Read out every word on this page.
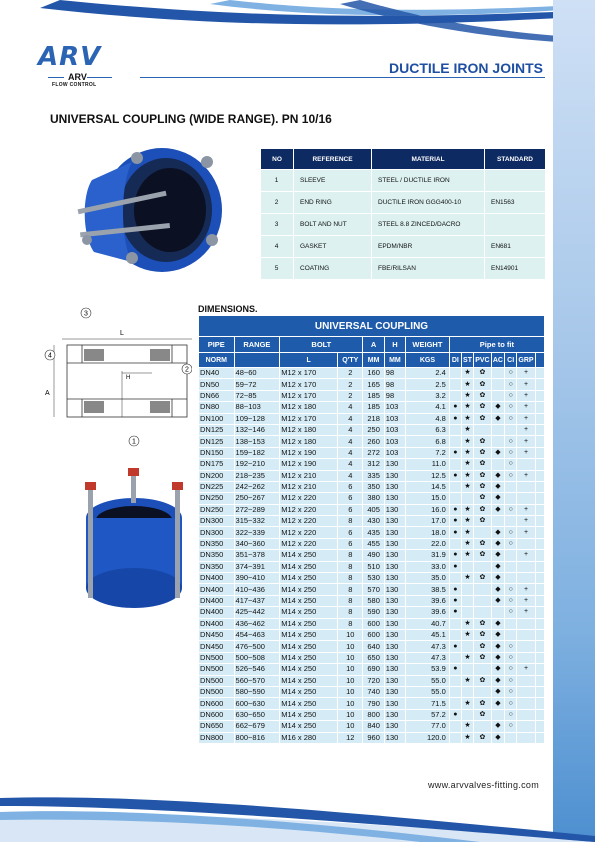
ARV
ARV
FLOW CONTROL
DUCTILE IRON JOINTS
UNIVERSAL COUPLING (WIDE RANGE). PN 10/16
NO	REFERENCE	MATERIAL	STANDARD
1	SLEEVE	STEEL / DUCTILE IRON	
2	END RING	DUCTILE IRON GGG400-10	EN1563
3	BOLT AND NUT	STEEL 8.8 ZINCED/DACRO	
4	GASKET	EPDM/NBR	EN681
5	COATING	FBE/RILSAN	EN14901
3
4
2
1
L
H
A
DIMENSIONS.
UNIVERSAL COUPLING													
PIPE	RANGE	BOLT		A	H	WEIGHT	Pipe to fit						
NORM		L	Q'TY	MM	MM	KGS	DI	ST	PVC	AC	CI	GRP	
DN40	48~60	M12 x 170	2	160	98	2.4		★	✿		○	+	
DN50	59~72	M12 x 170	2	165	98	2.5		★	✿		○	+	
DN66	72~85	M12 x 170	2	185	98	3.2		★	✿		○	+	
DN80	88~103	M12 x 180	4	185	103	4.1	●	★	✿	◆	○	+	
DN100	109~128	M12 x 170	4	218	103	4.8	●	★	✿	◆	○	+	
DN125	132~146	M12 x 180	4	250	103	6.3		★				+	
DN125	138~153	M12 x 180	4	260	103	6.8		★	✿		○	+	
DN150	159~182	M12 x 190	4	272	103	7.2	●	★	✿	◆	○	+	
DN175	192~210	M12 x 190	4	312	130	11.0		★	✿		○		
DN200	218~235	M12 x 210	4	335	130	12.5	●	★	✿	◆	○	+	
DN225	242~262	M12 x 210	6	350	130	14.5		★	✿	◆			
DN250	250~267	M12 x 220	6	380	130	15.0			✿	◆			
DN250	272~289	M12 x 220	6	405	130	16.0	●	★	✿	◆	○	+	
DN300	315~332	M12 x 220	8	430	130	17.0	●	★	✿			+	
DN300	322~339	M12 x 220	6	435	130	18.0	●	★		◆	○	+	
DN350	340~360	M12 x 220	6	455	130	22.0		★	✿	◆	○		
DN350	351~378	M14 x 250	8	490	130	31.9	●	★	✿	◆		+	
DN350	374~391	M14 x 250	8	510	130	33.0	●			◆			
DN400	390~410	M14 x 250	8	530	130	35.0		★	✿	◆			
DN400	410~436	M14 x 250	8	570	130	38.5	●			◆	○	+	
DN400	417~437	M14 x 250	8	580	130	39.6	●			◆	○	+	
DN400	425~442	M14 x 250	8	590	130	39.6	●				○	+	
DN400	436~462	M14 x 250	8	600	130	40.7		★	✿	◆			
DN450	454~463	M14 x 250	10	600	130	45.1		★	✿	◆			
DN450	476~500	M14 x 250	10	640	130	47.3	●		✿	◆	○		
DN500	500~508	M14 x 250	10	650	130	47.3		★	✿	◆	○		
DN500	526~546	M14 x 250	10	690	130	53.9	●			◆	○	+	
DN500	560~570	M14 x 250	10	720	130	55.0		★	✿	◆	○		
DN500	580~590	M14 x 250	10	740	130	55.0				◆	○		
DN600	600~630	M14 x 250	10	790	130	71.5		★	✿	◆	○		
DN600	630~650	M14 x 250	10	800	130	57.2	●		✿		○		
DN650	662~679	M14 x 250	10	840	130	77.0		★		◆	○		
DN800	800~816	M16 x 280	12	960	130	120.0		★	✿	◆			
www.arvvalves-fitting.com
